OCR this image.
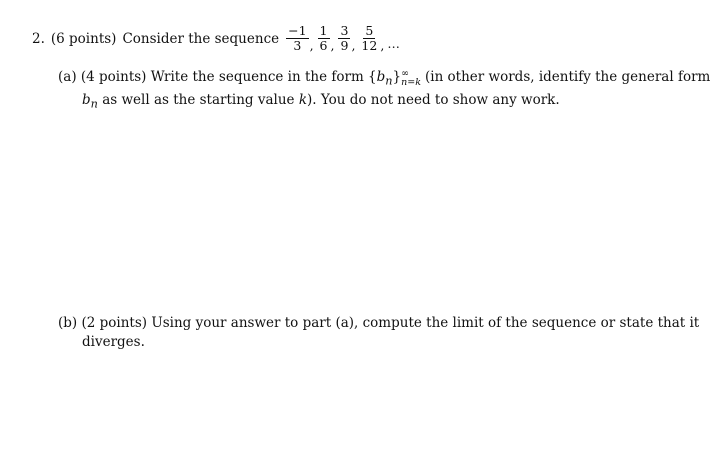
2. (6 points) Consider the sequence $\frac{-1}{3}$ , $\frac{1}{6}$ , $\frac{3}{9}$ , $\frac{5}{12}$ , …
(a) (4 points) Write the sequence in the form $\{b_n\}$ ∞
n=k (in other words, identify the general form
$b_n$ as well as the starting value k). You do not need to show any work.
(b) (2 points) Using your answer to part (a), compute the limit of the sequence or state that it diverges.
